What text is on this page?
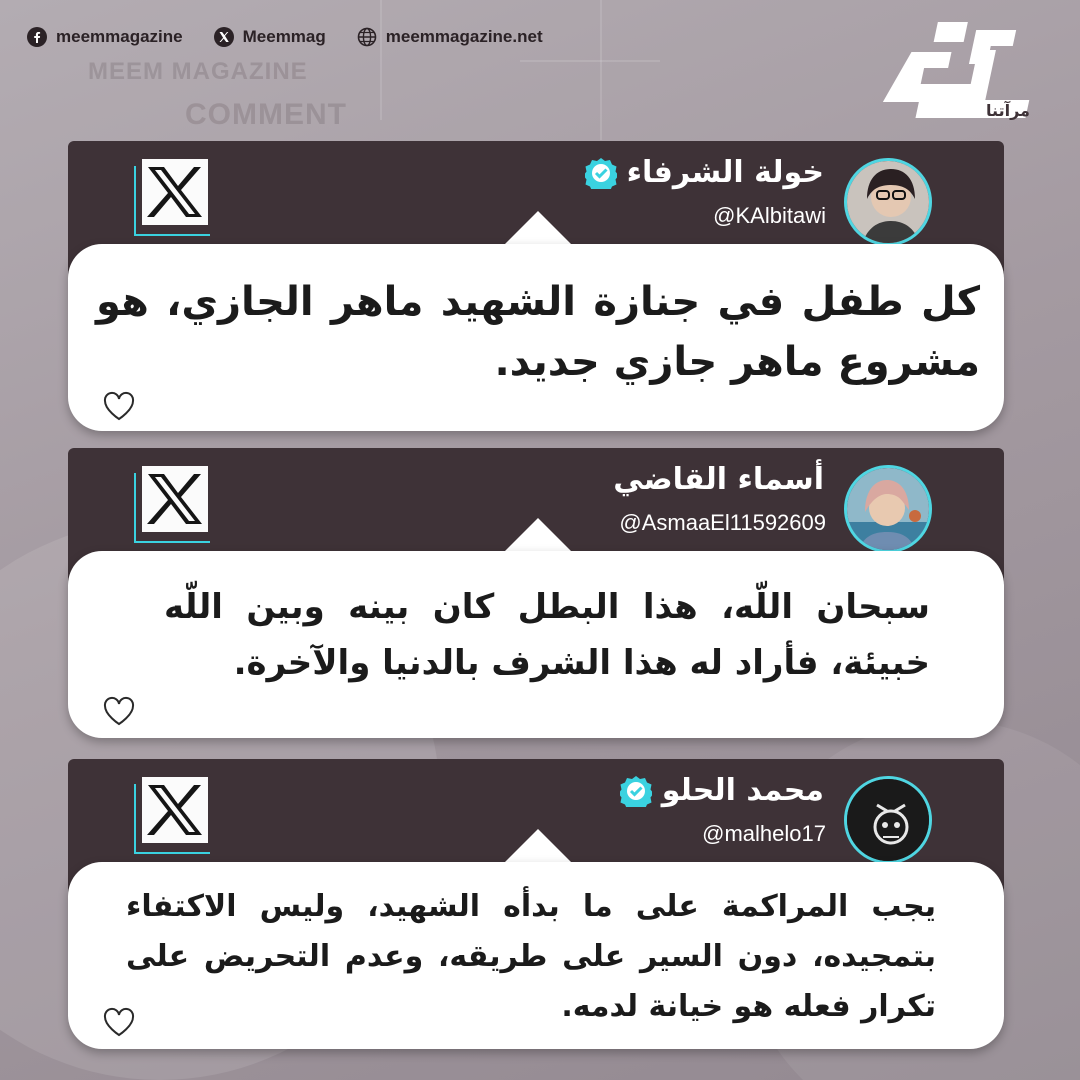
meemmagazine	Meemmag	meemmagazine.net
MEEM MAGAZINE
COMMENT	مرآتنا
خولة الشرفاء
@KAlbitawi
كل طفل في جنازة الشهيد ماهر الجازي، هو مشروع ماهر جازي جديد.
أسماء القاضي
@AsmaaEl11592609
سبحان اللّه، هذا البطل كان بينه وبين اللّه خبيئة، فأراد له هذا الشرف بالدنيا والآخرة.
محمد الحلو
@malhelo17
يجب المراكمة على ما بدأه الشهيد، وليس الاكتفاء بتمجيده، دون السير على طريقه، وعدم التحريض على تكرار فعله هو خيانة لدمه.
